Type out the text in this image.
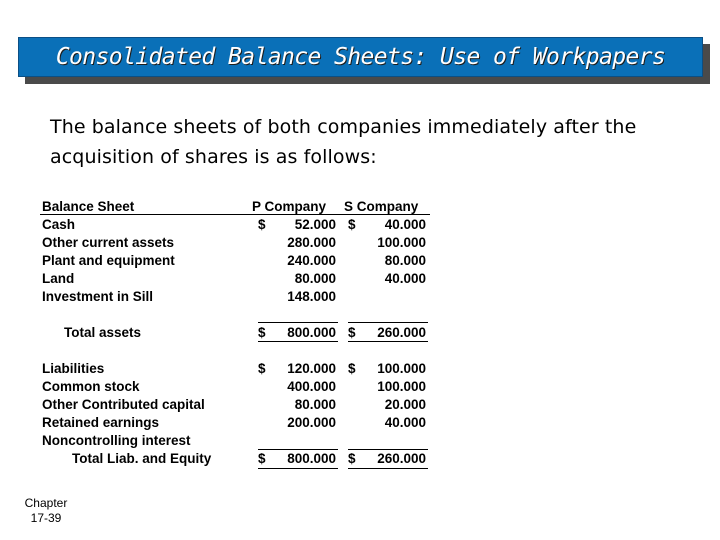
Consolidated Balance Sheets: Use of Workpapers
The balance sheets of both companies immediately after the acquisition of shares is as follows:
Balance Sheet	P Company S Company
Cash	$ 52.000 $ 40.000
Other current assets	280.000	100.000
Plant and equipment	240.000	80.000
Land	80.000	40.000
Investment in Sill	148.000
Total assets	$ 800.000 $ 260.000
Liabilities	$ 120.000 $ 100.000
Common stock	400.000	100.000
Other Contributed capital	80.000	20.000
Retained earnings	200.000	40.000
Noncontrolling interest
Total Liab. and Equity	$ 800.000 $ 260.000
Chapter
17-39
